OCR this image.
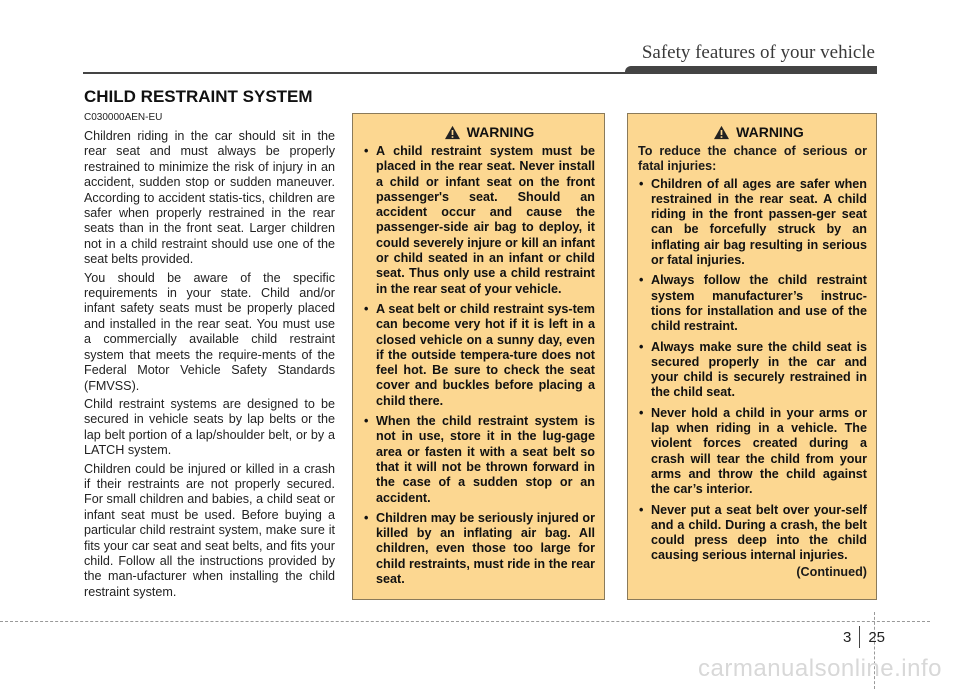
Safety features of your vehicle
CHILD RESTRAINT SYSTEM
C030000AEN-EU

Children riding in the car should sit in the rear seat and must always be properly restrained to minimize the risk of injury in an accident, sudden stop or sudden maneuver. According to accident statis-tics, children are safer when properly restrained in the rear seats than in the front seat. Larger children not in a child restraint should use one of the seat belts provided.

You should be aware of the specific requirements in your state. Child and/or infant safety seats must be properly placed and installed in the rear seat. You must use a commercially available child restraint system that meets the require-ments of the Federal Motor Vehicle Safety Standards (FMVSS).

Child restraint systems are designed to be secured in vehicle seats by lap belts or the lap belt portion of a lap/shoulder belt, or by a LATCH system.

Children could be injured or killed in a crash if their restraints are not properly secured. For small children and babies, a child seat or infant seat must be used. Before buying a particular child restraint system, make sure it fits your car seat and seat belts, and fits your child. Follow all the instructions provided by the man-ufacturer when installing the child restraint system.

WARNING
• A child restraint system must be placed in the rear seat. Never install a child or infant seat on the front passenger's seat. Should an accident occur and cause the passenger-side air bag to deploy, it could severely injure or kill an infant or child seated in an infant or child seat. Thus only use a child restraint in the rear seat of your vehicle.
• A seat belt or child restraint sys-tem can become very hot if it is left in a closed vehicle on a sunny day, even if the outside tempera-ture does not feel hot. Be sure to check the seat cover and buckles before placing a child there.
• When the child restraint system is not in use, store it in the lug-gage area or fasten it with a seat belt so that it will not be thrown forward in the case of a sudden stop or an accident.
• Children may be seriously injured or killed by an inflating air bag. All children, even those too large for child restraints, must ride in the rear seat.
WARNING

To reduce the chance of serious or fatal injuries:

• Children of all ages are safer when restrained in the rear seat. A child riding in the front passen-ger seat can be forcefully struck by an inflating air bag resulting in serious or fatal injuries.
• Always follow the child restraint system manufacturer’s instruc-tions for installation and use of the child restraint.
• Always make sure the child seat is secured properly in the car and your child is securely restrained in the child seat.
• Never hold a child in your arms or lap when riding in a vehicle. The violent forces created during a crash will tear the child from your arms and throw the child against the car’s interior.
• Never put a seat belt over your-self and a child. During a crash, the belt could press deep into the child causing serious internal injuries.
(Continued)
3 25
carmanualsonline.info
